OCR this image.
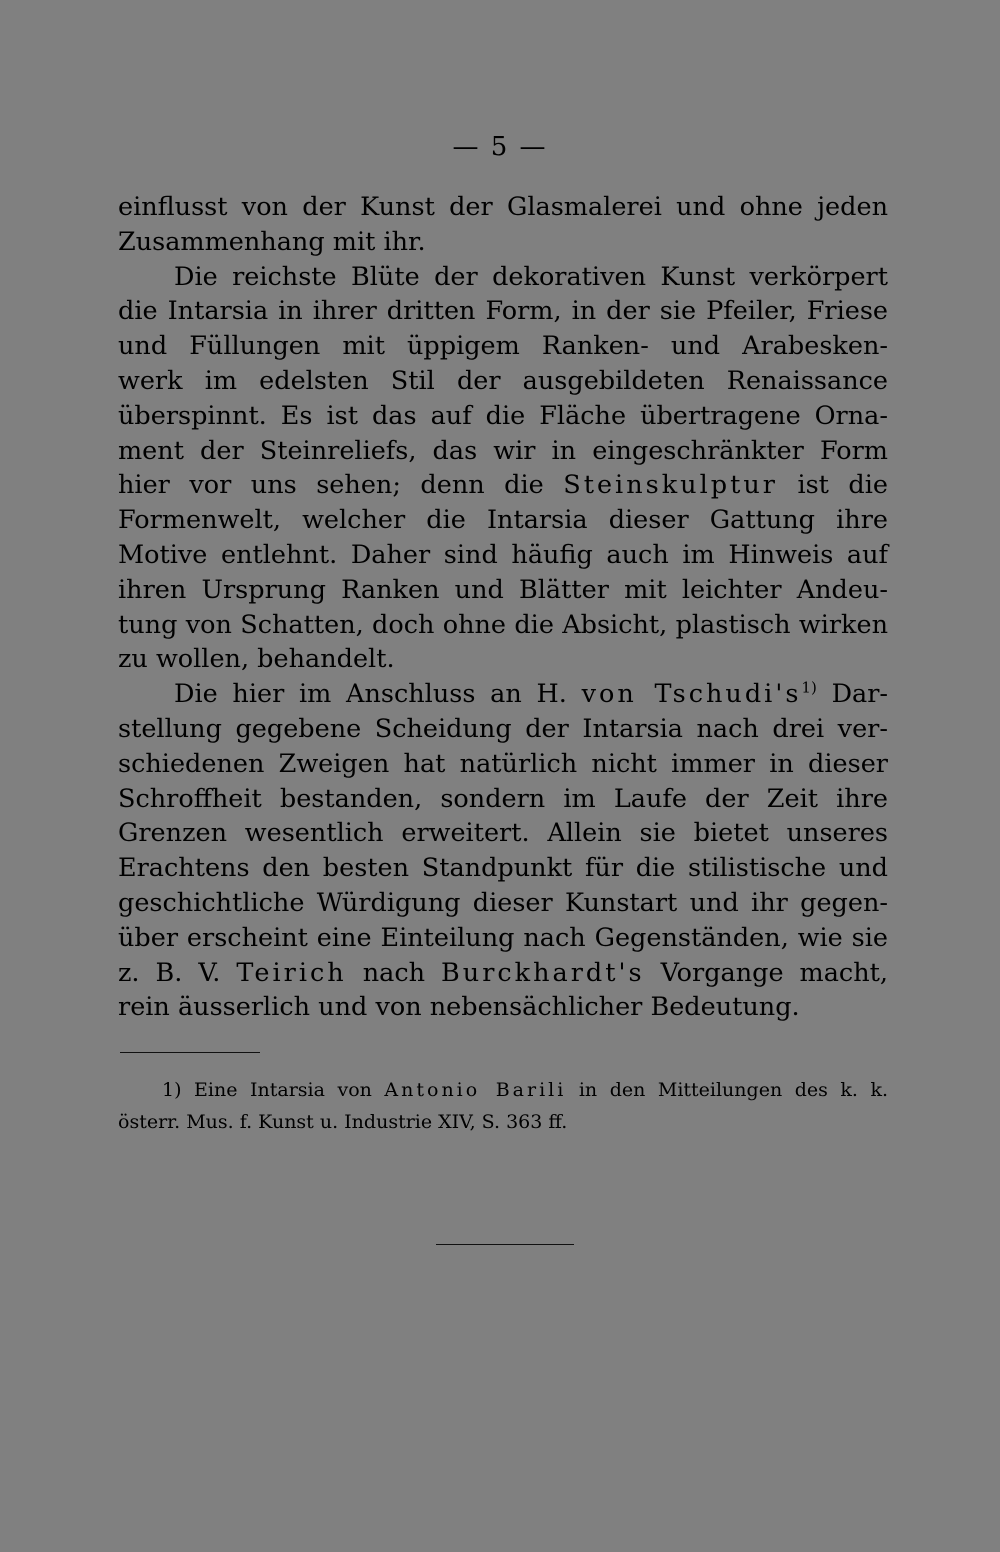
— 5 —
einflusst von der Kunst der Glasmalerei und ohne jeden
Zusammenhang mit ihr.
Die reichste Blüte der dekorativen Kunst verkörpert
die Intarsia in ihrer dritten Form, in der sie Pfeiler, Friese
und Füllungen mit üppigem Ranken- und Arabesken-
werk im edelsten Stil der ausgebildeten Renaissance
überspinnt. Es ist das auf die Fläche übertragene Orna-
ment der Steinreliefs, das wir in eingeschränkter Form
hier vor uns sehen; denn die Steinskulptur ist die
Formenwelt, welcher die Intarsia dieser Gattung ihre
Motive entlehnt. Daher sind häufig auch im Hinweis auf
ihren Ursprung Ranken und Blätter mit leichter Andeu-
tung von Schatten, doch ohne die Absicht, plastisch wirken
zu wollen, behandelt.
Die hier im Anschluss an H. von $Tschudi's^{1)}$ Dar-
stellung gegebene Scheidung der Intarsia nach drei ver-
schiedenen Zweigen hat natürlich nicht immer in dieser
Schroffheit bestanden, sondern im Laufe der Zeit ihre
Grenzen wesentlich erweitert. Allein sie bietet unseres
Erachtens den besten Standpunkt für die stilistische und
geschichtliche Würdigung dieser Kunstart und ihr gegen-
über erscheint eine Einteilung nach Gegenständen, wie sie
z. B. V. Teirich nach Burckhardt's Vorgange macht,
rein äusserlich und von nebensächlicher Bedeutung.
1) Eine Intarsia von Antonio Barili in den Mitteilungen des k. k.
österr. Mus. f. Kunst u. Industrie XIV, S. 363 ff.
